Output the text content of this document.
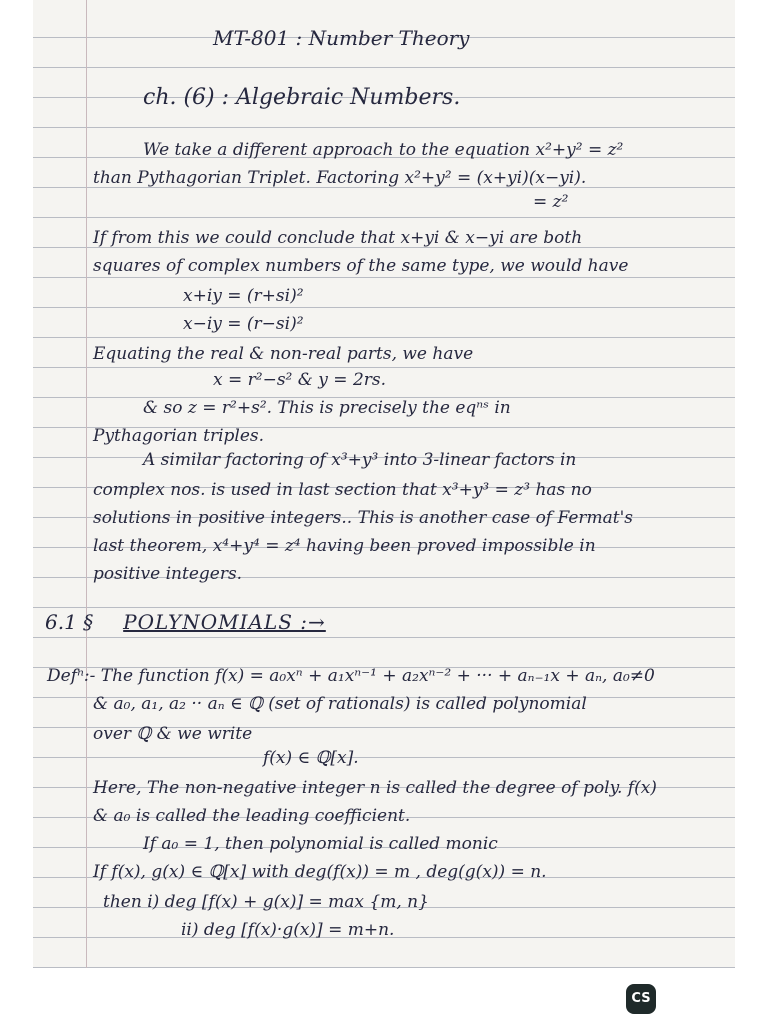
MT-801 : Number Theory
ch. (6) : Algebraic Numbers.
We take a different approach to the equation x²+y² = z²
than Pythagorian Triplet. Factoring x²+y² = (x+yi)(x−yi).
= z²
If from this we could conclude that x+yi & x−yi are both
squares of complex numbers of the same type, we would have
x+iy = (r+si)²
x−iy = (r−si)²
Equating the real & non-real parts, we have
x = r²−s² & y = 2rs.
& so z = r²+s². This is precisely the eqⁿˢ in
Pythagorian triples.
A similar factoring of x³+y³ into 3-linear factors in
complex nos. is used in last section that x³+y³ = z³ has no
solutions in positive integers.. This is another case of Fermat's
last theorem, x⁴+y⁴ = z⁴ having been proved impossible in
positive integers.
6.1 § POLYNOMIALS :→
Defⁿ:- The function f(x) = a₀xⁿ + a₁xⁿ⁻¹ + a₂xⁿ⁻² + ··· + aₙ₋₁x + aₙ, a₀≠0
& a₀, a₁, a₂ ·· aₙ ∈ ℚ (set of rationals) is called polynomial
over ℚ & we write
f(x) ∈ ℚ[x].
Here, The non-negative integer n is called the degree of poly. f(x)
& a₀ is called the leading coefficient.
If a₀ = 1, then polynomial is called monic
If f(x), g(x) ∈ ℚ[x] with deg(f(x)) = m , deg(g(x)) = n.
then i) deg [f(x) + g(x)] = max {m, n}
ii) deg [f(x)·g(x)] = m+n.
CS
